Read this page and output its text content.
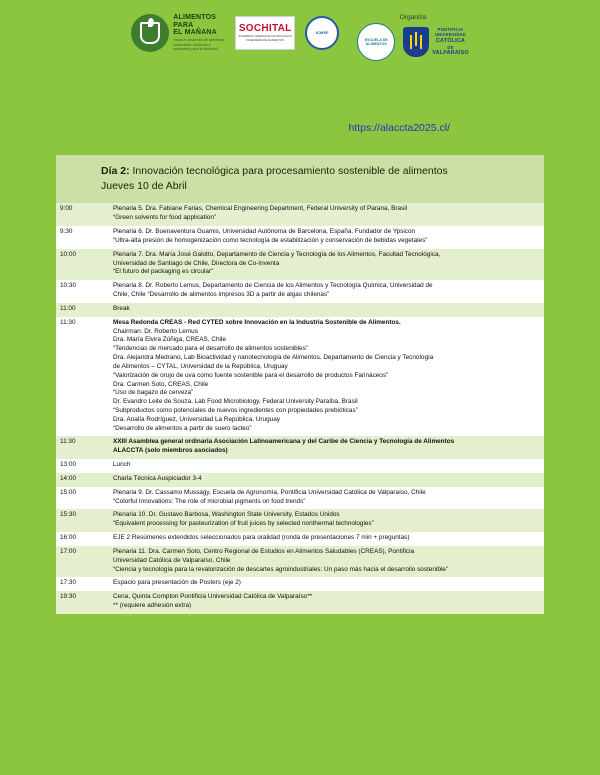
ALIMENTOS
PARA
EL MAÑANA
Hacia el desarrollo de alimentos sostenibles, nutritivos y saludables para la sociedad
SOCHITAL
SOCIEDAD CHILENA DE TECNOLOGÍA E INGENIERÍA DE ALIMENTOS
ICMSF
Organiza
ESCUELA DE ALIMENTOS
PONTIFICIA
UNIVERSIDAD
CATÓLICA
DE
VALPARAÍSO
https://alaccta2025.cl/
Día 2: Innovación tecnológica para procesamiento sostenible de alimentos
Jueves 10 de Abril
9:00	Plenaria 5. Dra. Fabiane Farias, Chemical Engineering Department, Federal University of Parana, Brasil
“Green solvents for food application”

9:30	Plenaria 6. Dr. Buenaventura Guamis, Universidad Autónoma de Barcelona, España. Fundador de Ypsicon
“Ultra-alta presión de homogenización como tecnología de estabilización y conservación de bebidas vegetales”

10:00	Plenaria 7. Dra. María José Galotto, Departamento de Ciencia y Tecnología de los Alimentos, Facultad Tecnológica,
Universidad de Santiago de Chile, Directora de Co-Inventa
“El futuro del packaging es circular”

10:30	Plenaria 8. Dr. Roberto Lemus, Departamento de Ciencia de los Alimentos y Tecnología Química, Universidad de
Chile, Chile “Desarrollo de alimentos impresos 3D a partir de algas chilenas”

11:00	Break

11:30	Mesa Redonda CREAS - Red CYTED sobre Innovación en la Industria Sostenible de Alimentos.
Chairman: Dr. Roberto Lemus
Dra. María Elvira Zúñiga, CREAS, Chile
“Tendencias de mercado para el desarrollo de alimentos sostenibles”
Dra. Alejandra Medrano, Lab Bioactividad y nanotecnología de Alimentos. Departamento de Ciencia y Tecnología
de Alimentos – CYTAL, Universidad de la República, Uruguay
“Valorización de orujo de uva como fuente sostenible para el desarrollo de productos Farináceos”
Dra. Carmen Soto, CREAS, Chile
“Uso de bagazo de cerveza”
Dr. Evandro Leite de Souza, Lab Food Microbiology, Federal University Paraíba, Brasil
“Subproductos como potenciales de nuevos ingredientes con propiedades prebióticas”
Dra. Analía Rodríguez, Universidad La República, Uruguay
“Desarrollo de alimentos a partir de suero lacteo”

11:30	XXIII Asamblea general ordinaria Asociación Latinoamericana y del Caribe de Ciencia y Tecnología de Alimentos
ALACCTA (solo miembros asociados)

13:00	Lunch

14:00	Charla Técnica Auspiciador 3-4

15:00	Plenaria 9. Dr. Cassamo Mussagy, Escuela de Agronomía, Pontificia Universidad Católica de Valparaíso, Chile
“Colorful Innovations: The role of microbial pigments on food trends”

15:30	Plenaria 10. Dr. Gustavo Barbosa, Washington State University, Estados Unidos
“Equivalent processing for pasteurization of fruit juices by selected nonthermal technologies”

16:00	EJE 2 Resúmenes extendidos seleccionados para oralidad (ronda de presentaciones 7 min + preguntas)

17:00	Plenaria 11. Dra. Carmen Soto, Centro Regional de Estudios en Alimentos Saludables (CREAS), Pontificia
Universidad Católica de Valparaíso, Chile
“Ciencia y tecnología para la revalorización de descartes agroindustriales: Un paso más hacia el desarrollo sostenible”

17:30	Espacio para presentación de Posters (eje 2)

19:30	Cena, Quinta Compton Pontificia Universidad Católica de Valparaíso**
** (requiere adhesión extra)
